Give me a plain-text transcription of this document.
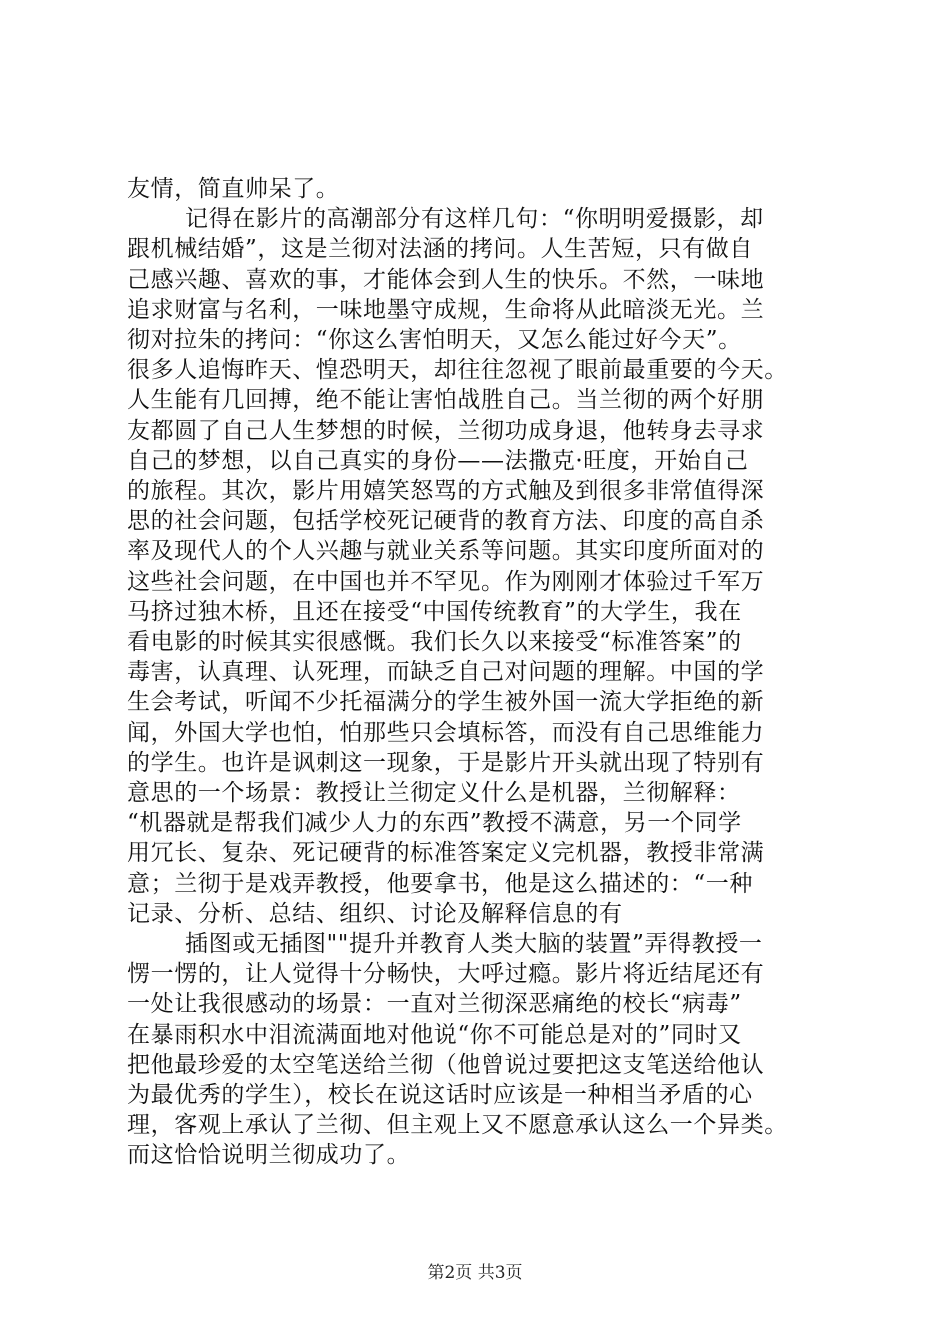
友情，简直帅呆了。
记得在影片的高潮部分有这样几句：“你明明爱摄影，却
跟机械结婚”，这是兰彻对法涵的拷问。人生苦短，只有做自
己感兴趣、喜欢的事，才能体会到人生的快乐。不然，一味地
追求财富与名利，一味地墨守成规，生命将从此暗淡无光。兰
彻对拉朱的拷问：“你这么害怕明天，又怎么能过好今天”。
很多人追悔昨天、惶恐明天，却往往忽视了眼前最重要的今天。
人生能有几回搏，绝不能让害怕战胜自己。当兰彻的两个好朋
友都圆了自己人生梦想的时候，兰彻功成身退，他转身去寻求
自己的梦想，以自己真实的身份——法撒克·旺度，开始自己
的旅程。其次，影片用嬉笑怒骂的方式触及到很多非常值得深
思的社会问题，包括学校死记硬背的教育方法、印度的高自杀
率及现代人的个人兴趣与就业关系等问题。其实印度所面对的
这些社会问题，在中国也并不罕见。作为刚刚才体验过千军万
马挤过独木桥，且还在接受“中国传统教育”的大学生，我在
看电影的时候其实很感慨。我们长久以来接受“标准答案”的
毒害，认真理、认死理，而缺乏自己对问题的理解。中国的学
生会考试，听闻不少托福满分的学生被外国一流大学拒绝的新
闻，外国大学也怕，怕那些只会填标答，而没有自己思维能力
的学生。也许是讽刺这一现象，于是影片开头就出现了特别有
意思的一个场景：教授让兰彻定义什么是机器，兰彻解释：
“机器就是帮我们减少人力的东西”教授不满意，另一个同学
用冗长、复杂、死记硬背的标准答案定义完机器，教授非常满
意；兰彻于是戏弄教授，他要拿书，他是这么描述的：“一种
记录、分析、总结、组织、讨论及解释信息的有
插图或无插图""提升并教育人类大脑的装置”弄得教授一
愣一愣的，让人觉得十分畅快，大呼过瘾。影片将近结尾还有
一处让我很感动的场景：一直对兰彻深恶痛绝的校长“病毒”
在暴雨积水中泪流满面地对他说“你不可能总是对的”同时又
把他最珍爱的太空笔送给兰彻（他曾说过要把这支笔送给他认
为最优秀的学生），校长在说这话时应该是一种相当矛盾的心
理，客观上承认了兰彻、但主观上又不愿意承认这么一个异类。
而这恰恰说明兰彻成功了。
第2页 共3页
